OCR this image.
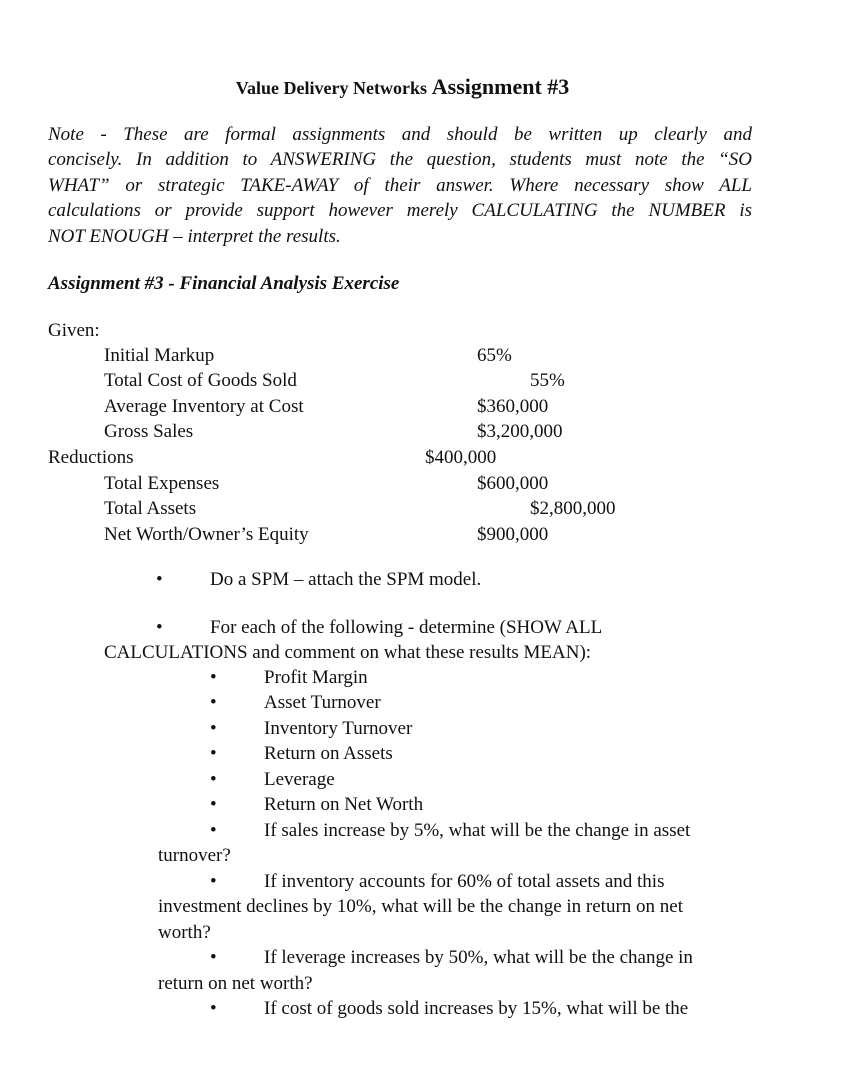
Value Delivery Networks Assignment #3
Note - These are formal assignments and should be written up clearly and
concisely. In addition to ANSWERING the question, students must note the “SO
WHAT” or strategic TAKE-AWAY of their answer. Where necessary show ALL
calculations or provide support however merely CALCULATING the NUMBER is
NOT ENOUGH – interpret the results.
Assignment #3 - Financial Analysis Exercise
Given:
Initial Markup	65%
Total Cost of Goods Sold	55%
Average Inventory at Cost	$360,000
Gross Sales	$3,200,000
Reductions	$400,000
Total Expenses	$600,000
Total Assets	$2,800,000
Net Worth/Owner’s Equity	$900,000
• Do a SPM – attach the SPM model.
• For each of the following - determine (SHOW ALL
CALCULATIONS and comment on what these results MEAN):
• Profit Margin
• Asset Turnover
• Inventory Turnover
• Return on Assets
• Leverage
• Return on Net Worth
• If sales increase by 5%, what will be the change in asset
turnover?
• If inventory accounts for 60% of total assets and this
investment declines by 10%, what will be the change in return on net
worth?
• If leverage increases by 50%, what will be the change in
return on net worth?
• If cost of goods sold increases by 15%, what will be the
